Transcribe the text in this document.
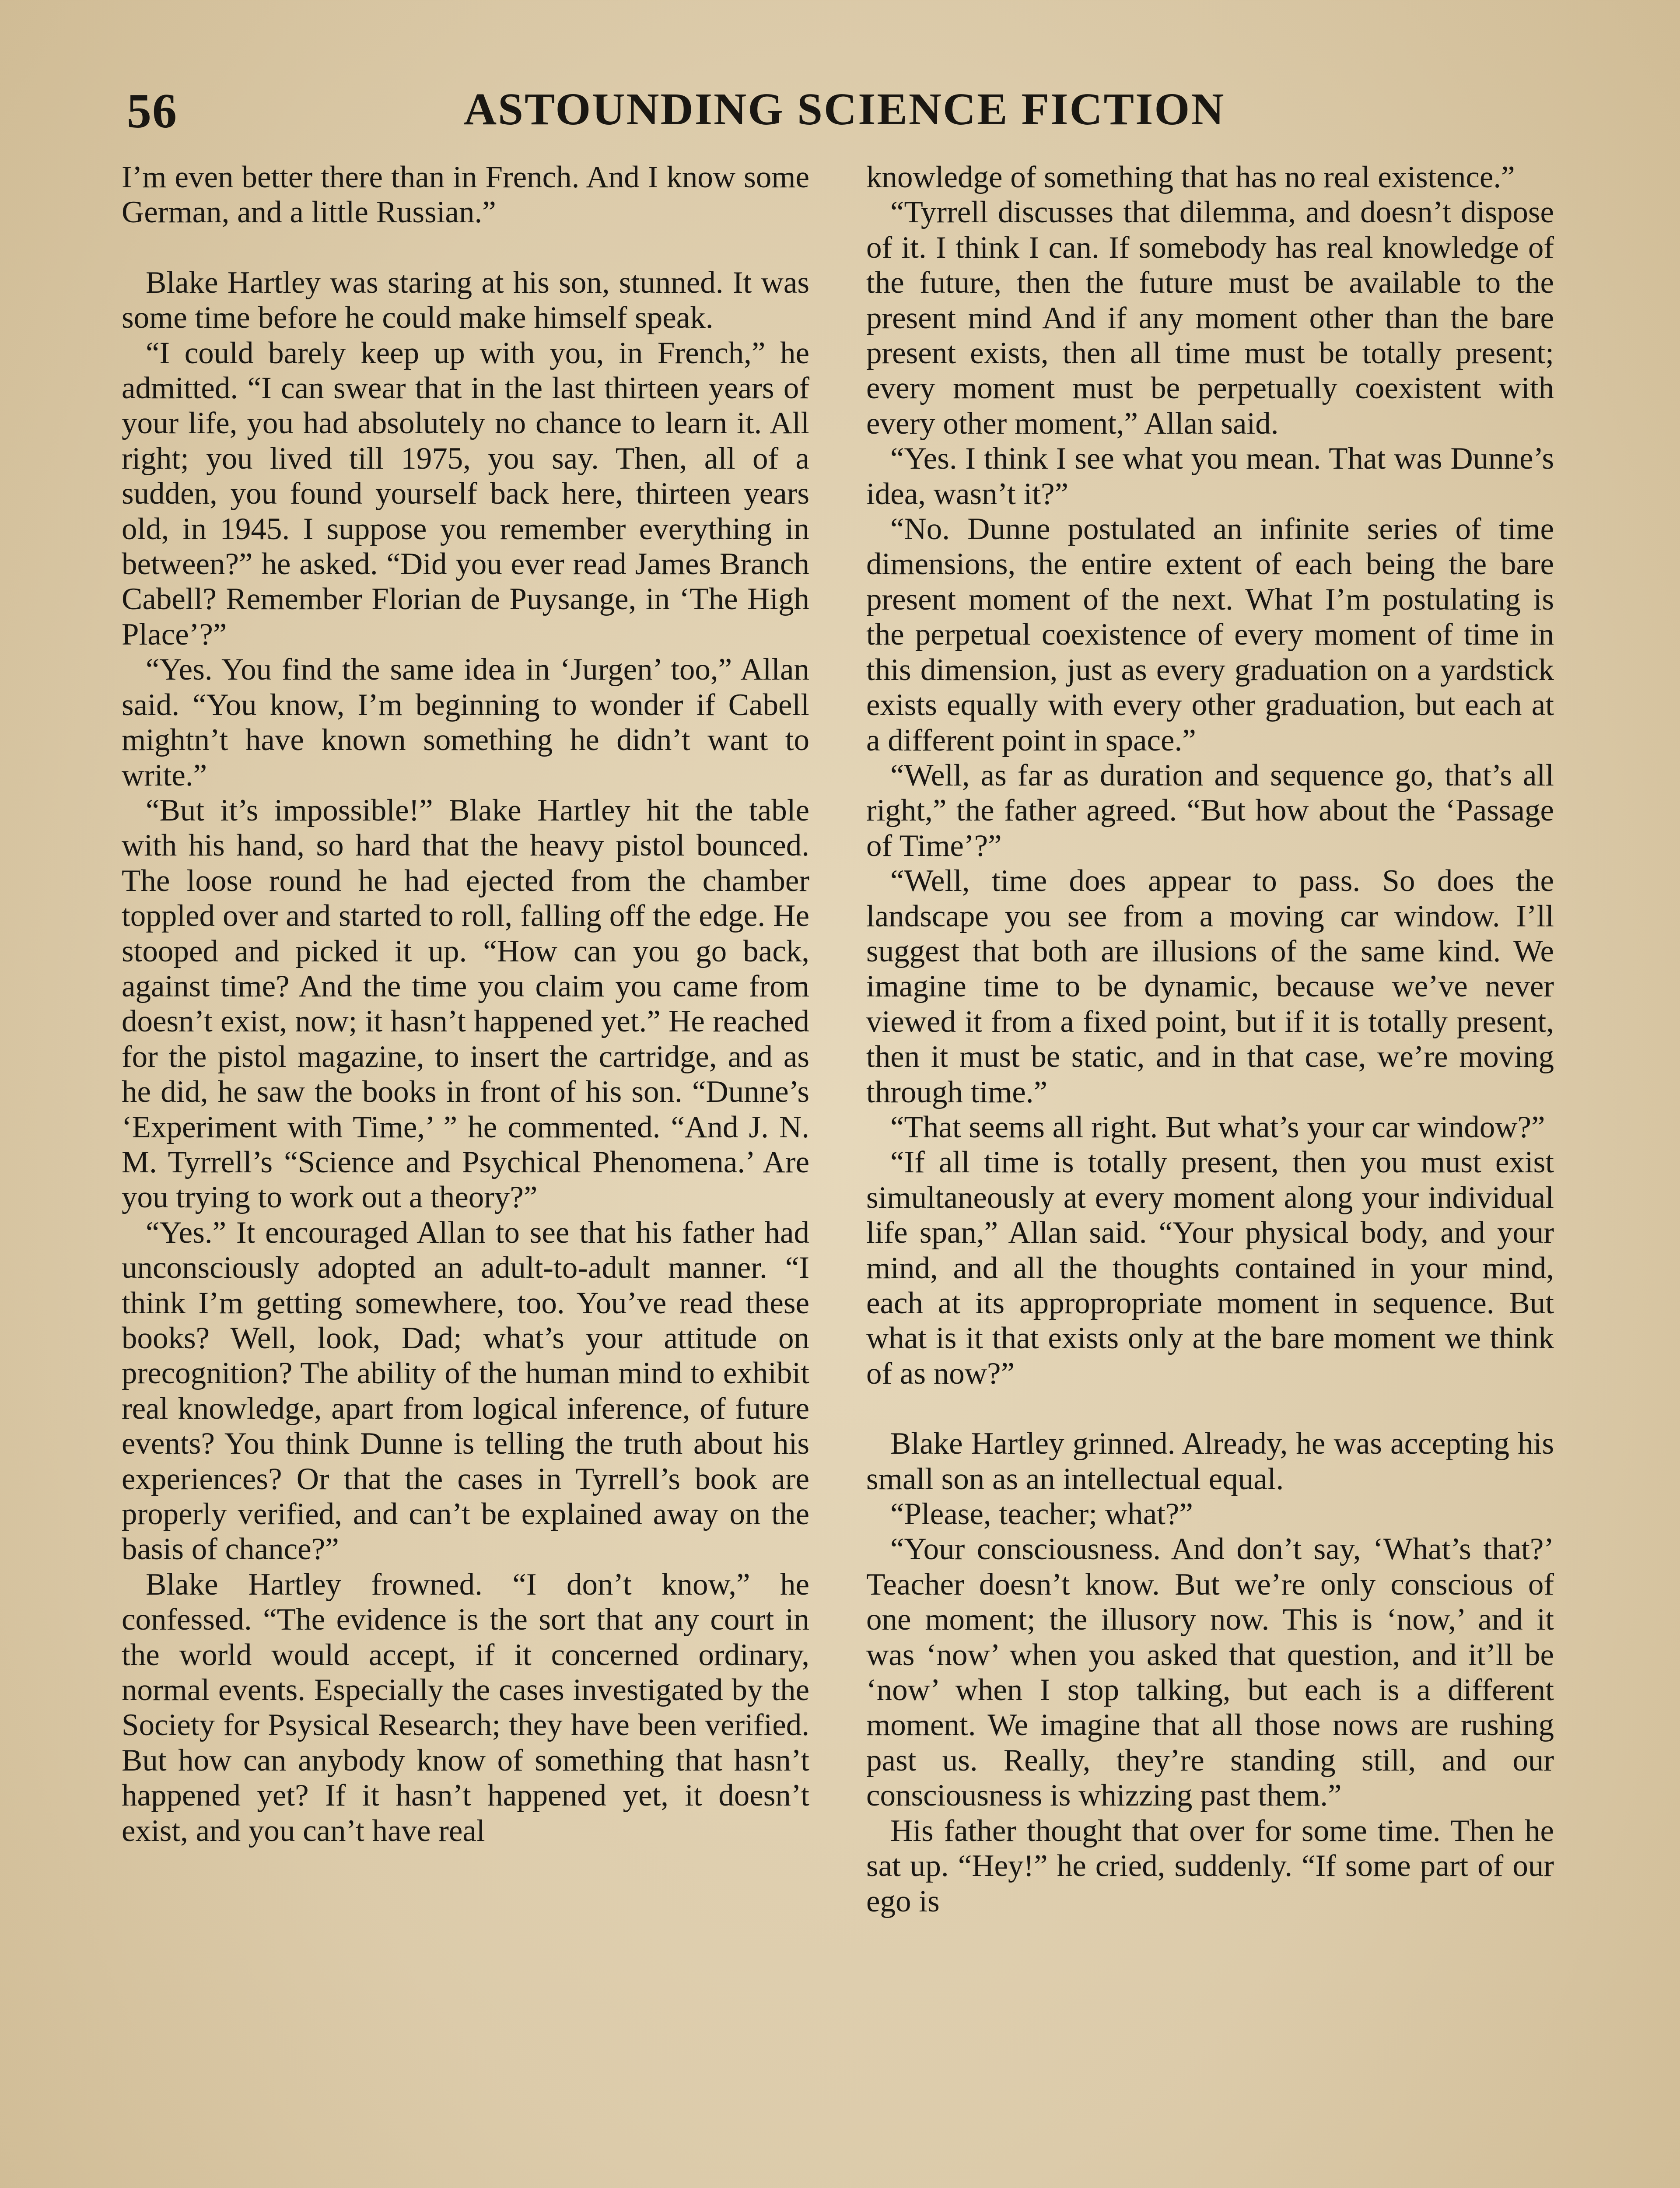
56	ASTOUNDING SCIENCE FICTION

I’m even better there than in French. And I know some German, and a little Russian.”

Blake Hartley was staring at his son, stunned. It was some time before he could make himself speak.

“I could barely keep up with you, in French,” he admitted. “I can swear that in the last thirteen years of your life, you had absolutely no chance to learn it. All right; you lived till 1975, you say. Then, all of a sudden, you found yourself back here, thirteen years old, in 1945. I suppose you remember everything in between?” he asked. “Did you ever read James Branch Cabell? Remember Florian de Puysange, in ‘The High Place’?”

“Yes. You find the same idea in ‘Jurgen’ too,” Allan said. “You know, I’m beginning to wonder if Cabell mightn’t have known something he didn’t want to write.”

“But it’s impossible!” Blake Hartley hit the table with his hand, so hard that the heavy pistol bounced. The loose round he had ejected from the chamber toppled over and started to roll, falling off the edge. He stooped and picked it up. “How can you go back, against time? And the time you claim you came from doesn’t exist, now; it hasn’t happened yet.” He reached for the pistol magazine, to insert the cartridge, and as he did, he saw the books in front of his son. “Dunne’s ‘Experiment with Time,’ ” he commented. “And J. N. M. Tyrrell’s “Science and Psychical Phenomena.’ Are you trying to work out a theory?”

“Yes.” It encouraged Allan to see that his father had unconsciously adopted an adult-to-adult manner. “I think I’m getting somewhere, too. You’ve read these books? Well, look, Dad; what’s your attitude on precognition? The ability of the human mind to exhibit real knowledge, apart from logical inference, of future events? You think Dunne is telling the truth about his experiences? Or that the cases in Tyrrell’s book are properly verified, and can’t be explained away on the basis of chance?”

Blake Hartley frowned. “I don’t know,” he confessed. “The evidence is the sort that any court in the world would accept, if it concerned ordinary, normal events. Especially the cases investigated by the Society for Psysical Research; they have been verified. But how can anybody know of something that hasn’t happened yet? If it hasn’t happened yet, it doesn’t exist, and you can’t have real

knowledge of something that has no real existence.”

“Tyrrell discusses that dilemma, and doesn’t dispose of it. I think I can. If somebody has real knowledge of the future, then the future must be available to the present mind And if any moment other than the bare present exists, then all time must be totally present; every moment must be perpetually coexistent with every other moment,” Allan said.

“Yes. I think I see what you mean. That was Dunne’s idea, wasn’t it?”

“No. Dunne postulated an infinite series of time dimensions, the entire extent of each being the bare present moment of the next. What I’m postulating is the perpetual coexistence of every moment of time in this dimension, just as every graduation on a yardstick exists equally with every other graduation, but each at a different point in space.”

“Well, as far as duration and sequence go, that’s all right,” the father agreed. “But how about the ‘Passage of Time’?”

“Well, time does appear to pass. So does the landscape you see from a moving car window. I’ll suggest that both are illusions of the same kind. We imagine time to be dynamic, because we’ve never viewed it from a fixed point, but if it is totally present, then it must be static, and in that case, we’re moving through time.”

“That seems all right. But what’s your car window?”

“If all time is totally present, then you must exist simultaneously at every moment along your individual life span,” Allan said. “Your physical body, and your mind, and all the thoughts contained in your mind, each at its appropropriate moment in sequence. But what is it that exists only at the bare moment we think of as now?”

Blake Hartley grinned. Already, he was accepting his small son as an intellectual equal.

“Please, teacher; what?”

“Your consciousness. And don’t say, ‘What’s that?’ Teacher doesn’t know. But we’re only conscious of one moment; the illusory now. This is ‘now,’ and it was ‘now’ when you asked that question, and it’ll be ‘now’ when I stop talking, but each is a different moment. We imagine that all those nows are rushing past us. Really, they’re standing still, and our consciousness is whizzing past them.”

His father thought that over for some time. Then he sat up. “Hey!” he cried, suddenly. “If some part of our ego is
